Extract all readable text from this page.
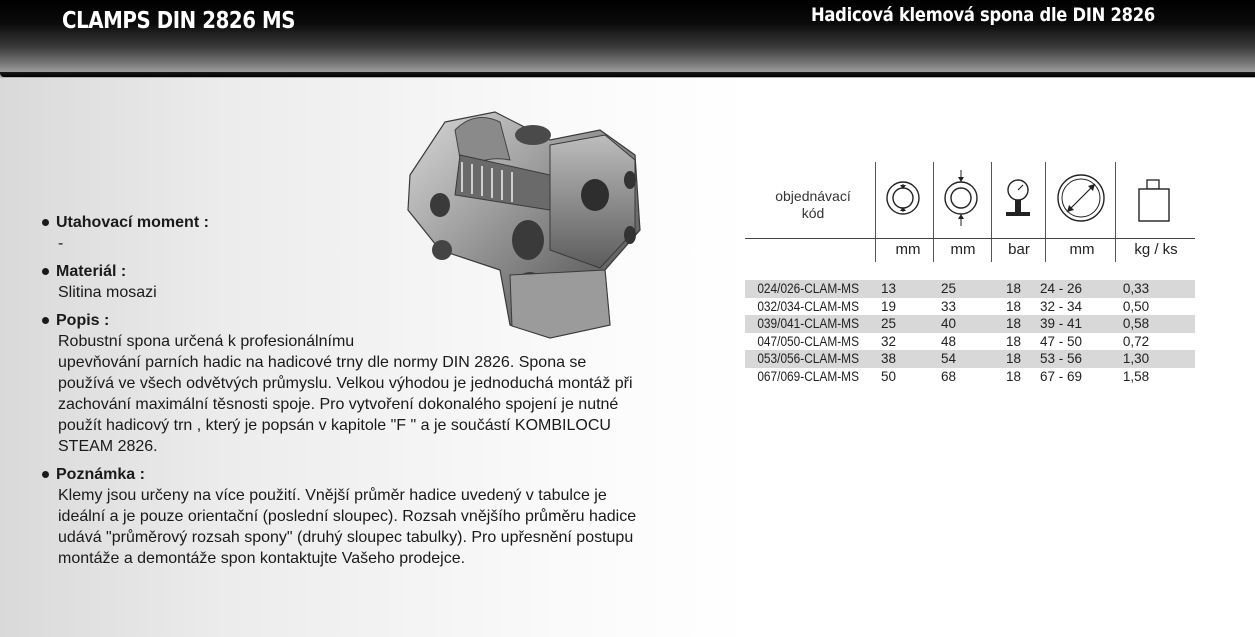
CLAMPS DIN 2826 MS	Hadicová klemová spona dle DIN 2826
Utahovací moment :
-
Materiál :
Slitina mosazi
Popis :
Robustní spona určená k profesionálnímu
upevňování parních hadic na hadicové trny dle normy DIN 2826. Spona se
používá ve všech odvětvých průmyslu. Velkou výhodou je jednoduchá montáž při
zachování maximální těsnosti spoje. Pro vytvoření dokonalého spojení je nutné
použít hadicový trn , který je popsán v kapitole "F " a je součástí KOMBILOCU
STEAM 2826.
Poznámka :
Klemy jsou určeny na více použití. Vnější průměr hadice uvedený v tabulce je
ideální a je pouze orientační (poslední sloupec). Rozsah vnějšího průměru hadice
udává "průměrový rozsah spony" (druhý sloupec tabulky). Pro upřesnění postupu
montáže a demontáže spon kontaktujte Vašeho prodejce.
objednávací
kód
mm	mm	bar	mm	kg / ks
024/026-CLAM-MS	13	25	18	24 - 26	0,33
032/034-CLAM-MS	19	33	18	32 - 34	0,50
039/041-CLAM-MS	25	40	18	39 - 41	0,58
047/050-CLAM-MS	32	48	18	47 - 50	0,72
053/056-CLAM-MS	38	54	18	53 - 56	1,30
067/069-CLAM-MS	50	68	18	67 - 69	1,58
